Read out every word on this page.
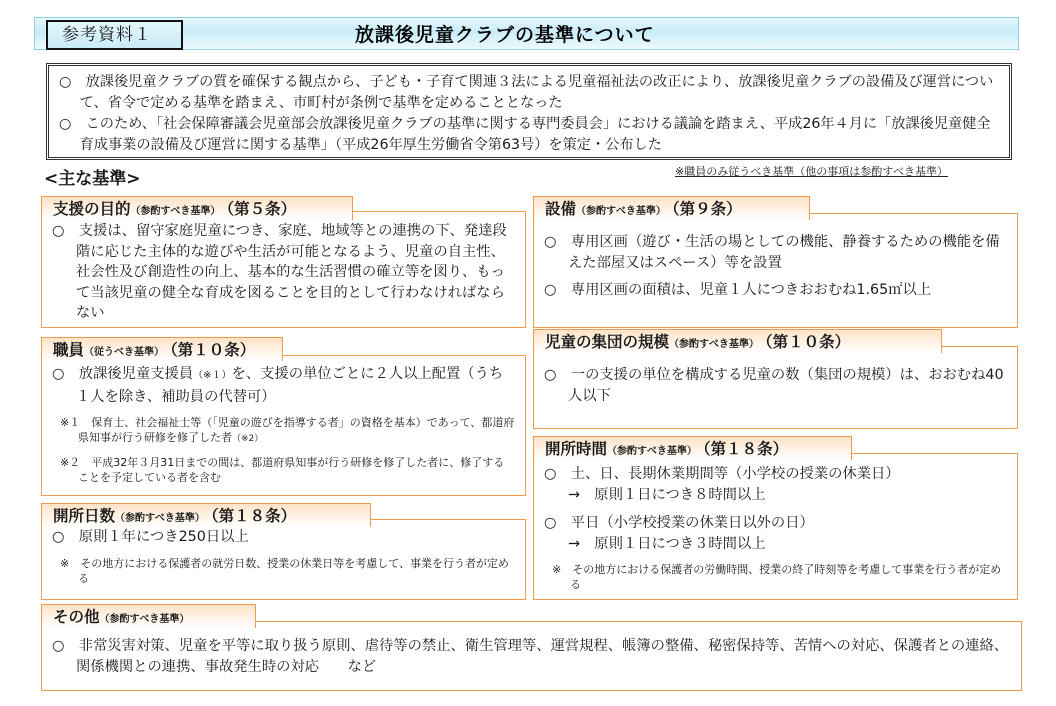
参考資料１	放課後児童クラブの基準について

○　放課後児童クラブの質を確保する観点から、子ども・子育て関連３法による児童福祉法の改正により、放課後児童クラブの設備及び運営について、省令で定める基準を踏まえ、市町村が条例で基準を定めることとなった

○　このため、「社会保障審議会児童部会放課後児童クラブの基準に関する専門委員会」における議論を踏まえ、平成26年４月に「放課後児童健全育成事業の設備及び運営に関する基準」（平成26年厚生労働省令第63号）を策定・公布した

<主な基準>	※職員のみ従うべき基準（他の事項は参酌すべき基準）

○　支援は、留守家庭児童につき、家庭、地域等との連携の下、発達段階に応じた主体的な遊びや生活が可能となるよう、児童の自主性、社会性及び創造性の向上、基本的な生活習慣の確立等を図り、もって当該児童の健全な育成を図ることを目的として行わなければならない

支援の目的（参酌すべき基準） （第５条）

○　放課後児童支援員（※１）を、支援の単位ごとに２人以上配置（うち１人を除き、補助員の代替可）

※１　保育士、社会福祉士等（「児童の遊びを指導する者」の資格を基本）であって、都道府県知事が行う研修を修了した者（※2）

※２　平成32年３月31日までの間は、都道府県知事が行う研修を修了した者に、修了することを予定している者を含む

職員（従うべき基準） （第１０条）

○　原則１年につき250日以上

※　その地方における保護者の就労日数、授業の休業日等を考慮して、事業を行う者が定める

開所日数（参酌すべき基準） （第１８条）

○　専用区画（遊び・生活の場としての機能、静養するための機能を備えた部屋又はスペース）等を設置

○　専用区画の面積は、児童１人につきおおむね1.65㎡以上

設備（参酌すべき基準） （第９条）

○　一の支援の単位を構成する児童の数（集団の規模）は、おおむね40人以下

児童の集団の規模（参酌すべき基準） （第１０条）

○　土、日、長期休業期間等（小学校の授業の休業日）

→　原則１日につき８時間以上

○　平日（小学校授業の休業日以外の日）

→　原則１日につき３時間以上

※　その地方における保護者の労働時間、授業の終了時刻等を考慮して事業を行う者が定める

開所時間（参酌すべき基準） （第１８条）

○　非常災害対策、児童を平等に取り扱う原則、虐待等の禁止、衛生管理等、運営規程、帳簿の整備、秘密保持等、苦情への対応、保護者との連絡、関係機関との連携、事故発生時の対応　　など

その他（参酌すべき基準）
